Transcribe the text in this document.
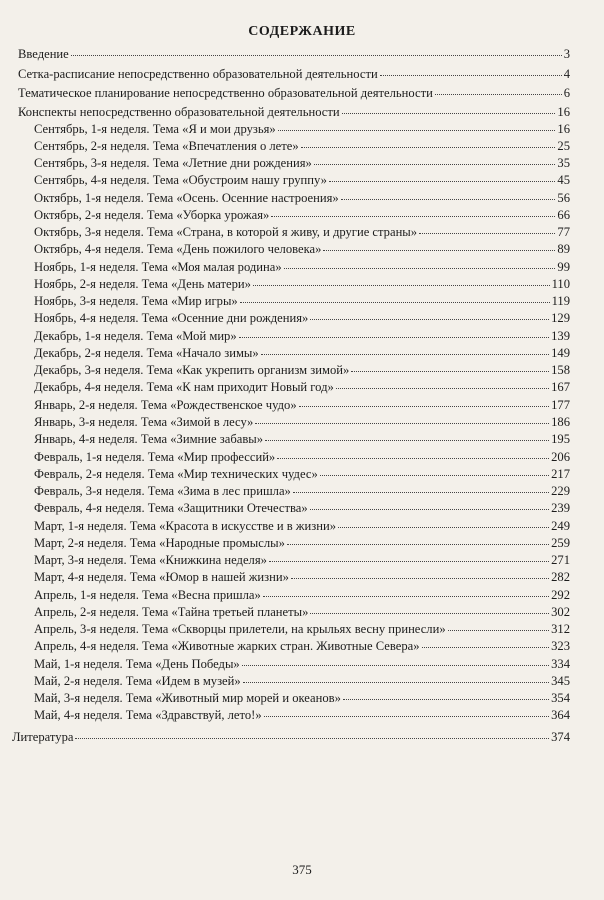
СОДЕРЖАНИЕ
Введение	3
Сетка-расписание непосредственно образовательной деятельности	4
Тематическое планирование непосредственно образовательной деятельности	6
Конспекты непосредственно образовательной деятельности	16
Сентябрь, 1-я неделя. Тема «Я и мои друзья»	16
Сентябрь, 2-я неделя. Тема «Впечатления о лете»	25
Сентябрь, 3-я неделя. Тема «Летние дни рождения»	35
Сентябрь, 4-я неделя. Тема «Обустроим нашу группу»	45
Октябрь, 1-я неделя. Тема «Осень. Осенние настроения»	56
Октябрь, 2-я неделя. Тема «Уборка урожая»	66
Октябрь, 3-я неделя. Тема «Страна, в которой я живу, и другие страны»	77
Октябрь, 4-я неделя. Тема «День пожилого человека»	89
Ноябрь, 1-я неделя. Тема «Моя малая родина»	99
Ноябрь, 2-я неделя. Тема «День матери»	110
Ноябрь, 3-я неделя. Тема «Мир игры»	119
Ноябрь, 4-я неделя. Тема «Осенние дни рождения»	129
Декабрь, 1-я неделя. Тема «Мой мир»	139
Декабрь, 2-я неделя. Тема «Начало зимы»	149
Декабрь, 3-я неделя. Тема «Как укрепить организм зимой»	158
Декабрь, 4-я неделя. Тема «К нам приходит Новый год»	167
Январь, 2-я неделя. Тема «Рождественское чудо»	177
Январь, 3-я неделя. Тема «Зимой в лесу»	186
Январь, 4-я неделя. Тема «Зимние забавы»	195
Февраль, 1-я неделя. Тема «Мир профессий»	206
Февраль, 2-я неделя. Тема «Мир технических чудес»	217
Февраль, 3-я неделя. Тема «Зима в лес пришла»	229
Февраль, 4-я неделя. Тема «Защитники Отечества»	239
Март, 1-я неделя. Тема «Красота в искусстве и в жизни»	249
Март, 2-я неделя. Тема «Народные промыслы»	259
Март, 3-я неделя. Тема «Книжкина неделя»	271
Март, 4-я неделя. Тема «Юмор в нашей жизни»	282
Апрель, 1-я неделя. Тема «Весна пришла»	292
Апрель, 2-я неделя. Тема «Тайна третьей планеты»	302
Апрель, 3-я неделя. Тема «Скворцы прилетели, на крыльях весну принесли»	312
Апрель, 4-я неделя. Тема «Животные жарких стран. Животные Севера»	323
Май, 1-я неделя. Тема «День Победы»	334
Май, 2-я неделя. Тема «Идем в музей»	345
Май, 3-я неделя. Тема «Животный мир морей и океанов»	354
Май, 4-я неделя. Тема «Здравствуй, лето!»	364
Литература	374
375
